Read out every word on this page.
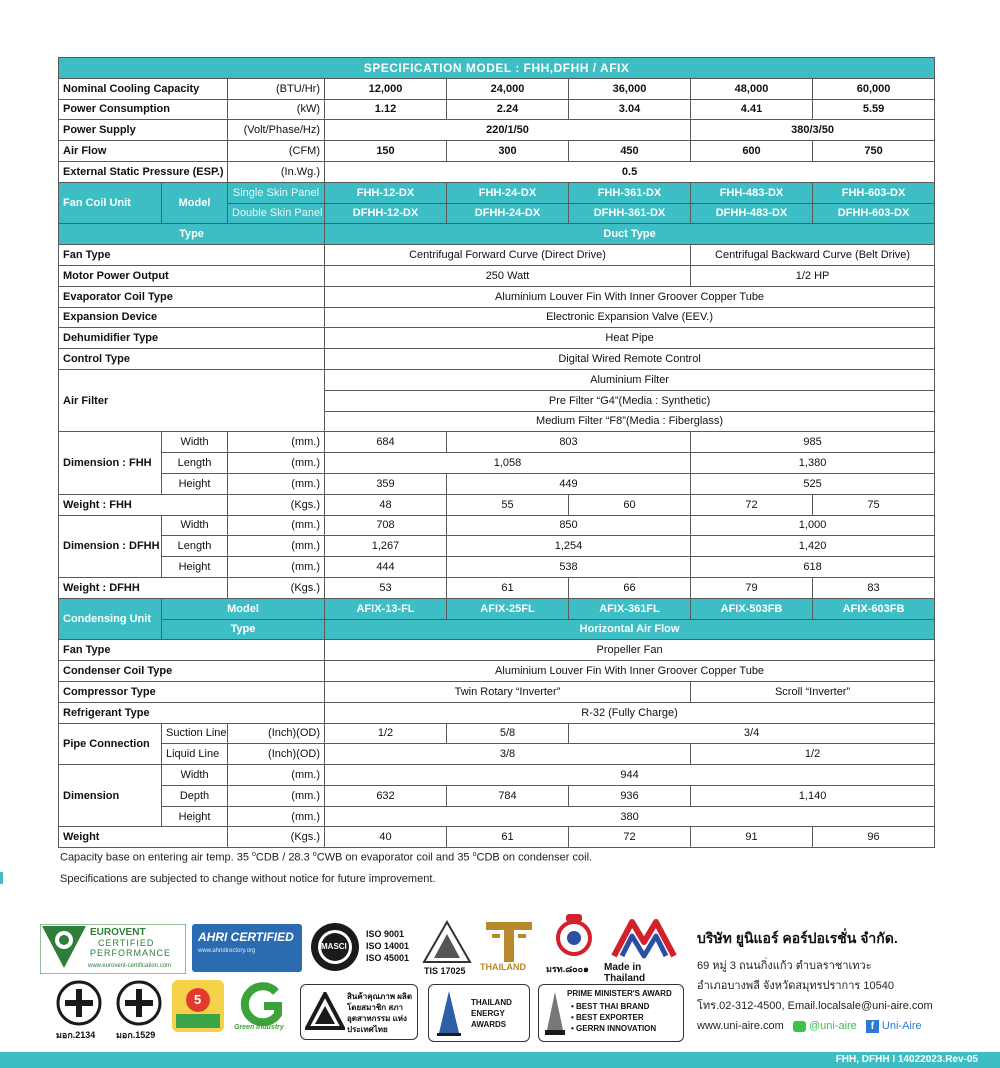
SPECIFICATION MODEL : FHH,DFHH / AFIX							
Nominal Cooling Capacity		(BTU/Hr)	12,000	24,000	36,000	48,000	60,000
Power Consumption		(kW)	1.12	2.24	3.04	4.41	5.59
Power Supply		(Volt/Phase/Hz)	220/1/50			380/3/50	
Air Flow		(CFM)	150	300	450	600	750
External Static Pressure (ESP.)		(In.Wg.)	0.5				
Fan Coil Unit	Model	Single Skin Panel	FHH-12-DX	FHH-24-DX	FHH-361-DX	FHH-483-DX	FHH-603-DX
		Double Skin Panel	DFHH-12-DX	DFHH-24-DX	DFHH-361-DX	DFHH-483-DX	DFHH-603-DX
Type			Duct Type				
Fan Type			Centrifugal Forward Curve (Direct Drive)			Centrifugal Backward Curve (Belt Drive)	
Motor Power Output			250 Watt			1/2 HP	
Evaporator Coil Type			Aluminium Louver Fin With Inner Groover Copper Tube				
Expansion Device			Electronic Expansion Valve (EEV.)				
Dehumidifier Type			Heat Pipe				
Control Type			Digital Wired Remote Control				
Air Filter			Aluminium Filter				
			Pre Filter “G4”(Media : Synthetic)				
			Medium Filter “F8”(Media : Fiberglass)				
Dimension : FHH	Width	(mm.)	684	803		985	
	Length	(mm.)	1,058			1,380	
	Height	(mm.)	359	449		525	
Weight : FHH		(Kgs.)	48	55	60	72	75
Dimension : DFHH	Width	(mm.)	708	850		1,000	
	Length	(mm.)	1,267	1,254		1,420	
	Height	(mm.)	444	538		618	
Weight : DFHH		(Kgs.)	53	61	66	79	83
Condensing Unit	Model		AFIX-13-FL	AFIX-25FL	AFIX-361FL	AFIX-503FB	AFIX-603FB
	Type		Horizontal Air Flow				
Fan Type			Propeller Fan				
Condenser Coil Type			Aluminium Louver Fin With Inner Groover Copper Tube				
Compressor Type			Twin Rotary “Inverter”			Scroll “Inverter”	
Refrigerant Type			R-32 (Fully Charge)				
Pipe Connection	Suction Line	(Inch)(OD)	1/2	5/8	3/4		
	Liquid Line	(Inch)(OD)	3/8			1/2	
Dimension	Width	(mm.)	944				
	Depth	(mm.)	632	784	936	1,140	
	Height	(mm.)	380				
Weight		(Kgs.)	40	61	72	91	96
Capacity base on entering air temp. 35 $^o$CDB / 28.3 $^o$CWB on evaporator coil and 35 $^o$CDB on condenser coil.
Specifications are subjected to change without notice for future improvement.
EUROVENT
CERTIFIED
PERFORMANCE
www.eurovent-certification.com
AHRI CERTIFIED
www.ahridirectory.org	MASCI
ISO 9001
ISO 14001
ISO 45001
TIS 17025 THAILAND มรท.๘๐๐๑ Made in Thailand
มอก.2134 มอก.1529
5
Green Industry
สินค้าคุณภาพ ผลิตโดยสมาชิก สภาอุตสาหกรรม แห่งประเทศไทย
THAILAND
ENERGY
AWARDS
PRIME MINISTER'S AWARD
• BEST THAI BRAND
• BEST EXPORTER
• GERRN INNOVATION
บริษัท ยูนิแอร์ คอร์ปอเรชั่น จำกัด.
69 หมู่ 3 ถนนกิ่งแก้ว ตำบลราชาเทวะ
อำเภอบางพลี จังหวัดสมุทรปราการ 10540
โทร.02-312-4500, Email.localsale@uni-aire.com
www.uni-aire.com @uni-aire f Uni-Aire
FHH, DFHH I 14022023.Rev-05
